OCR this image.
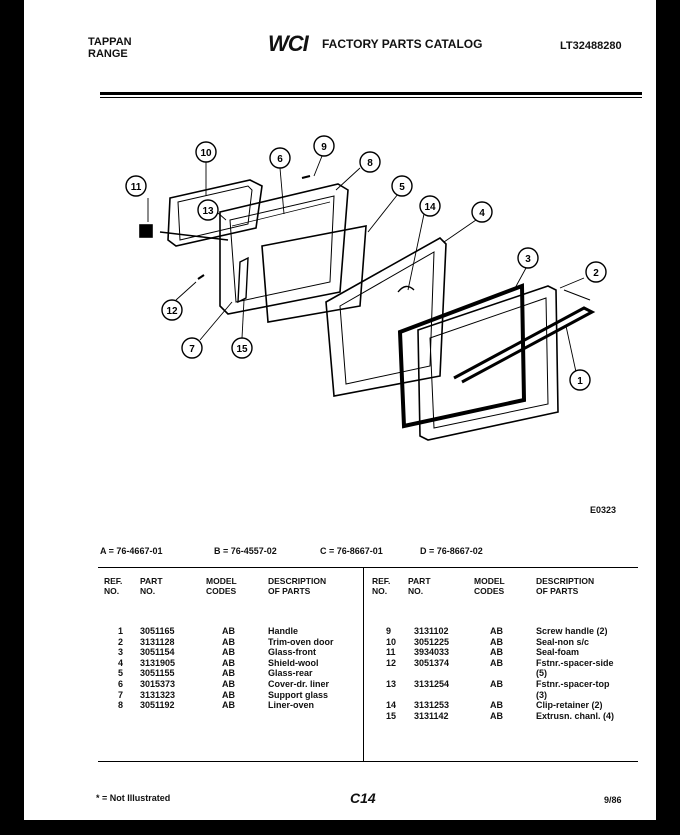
TAPPAN
RANGE	WCI FACTORY PARTS CATALOG	LT32488280
10
9
6	8
11
13
5
14
4
3
2
12
7	15
1
E0323
A = 76-4667-01	B = 76-4557-02	C = 76-8667-01	D = 76-8667-02
REF.
NO.
PART
NO.
MODEL
CODES
DESCRIPTION
OF PARTS
REF.
NO.
PART
NO.
MODEL
CODES
DESCRIPTION
OF PARTS
1 3051165	AB	Handle
2 3131128	AB	Trim-oven door
3 3051154	AB	Glass-front
4 3131905	AB	Shield-wool
5 3051155	AB	Glass-rear
6 3015373	AB	Cover-dr. liner
7 3131323	AB	Support glass
8 3051192	AB	Liner-oven
9	3131102	AB	Screw handle (2)
10 3051225	AB	Seal-non s/c
11 3934033	AB	Seal-foam
12 3051374	AB	Fstnr.-spacer-side
(5)
13 3131254	AB	Fstnr.-spacer-top
(3)
14 3131253	AB	Clip-retainer (2)
15 3131142	AB	Extrusn. chanl. (4)
* = Not Illustrated	C14	9/86
